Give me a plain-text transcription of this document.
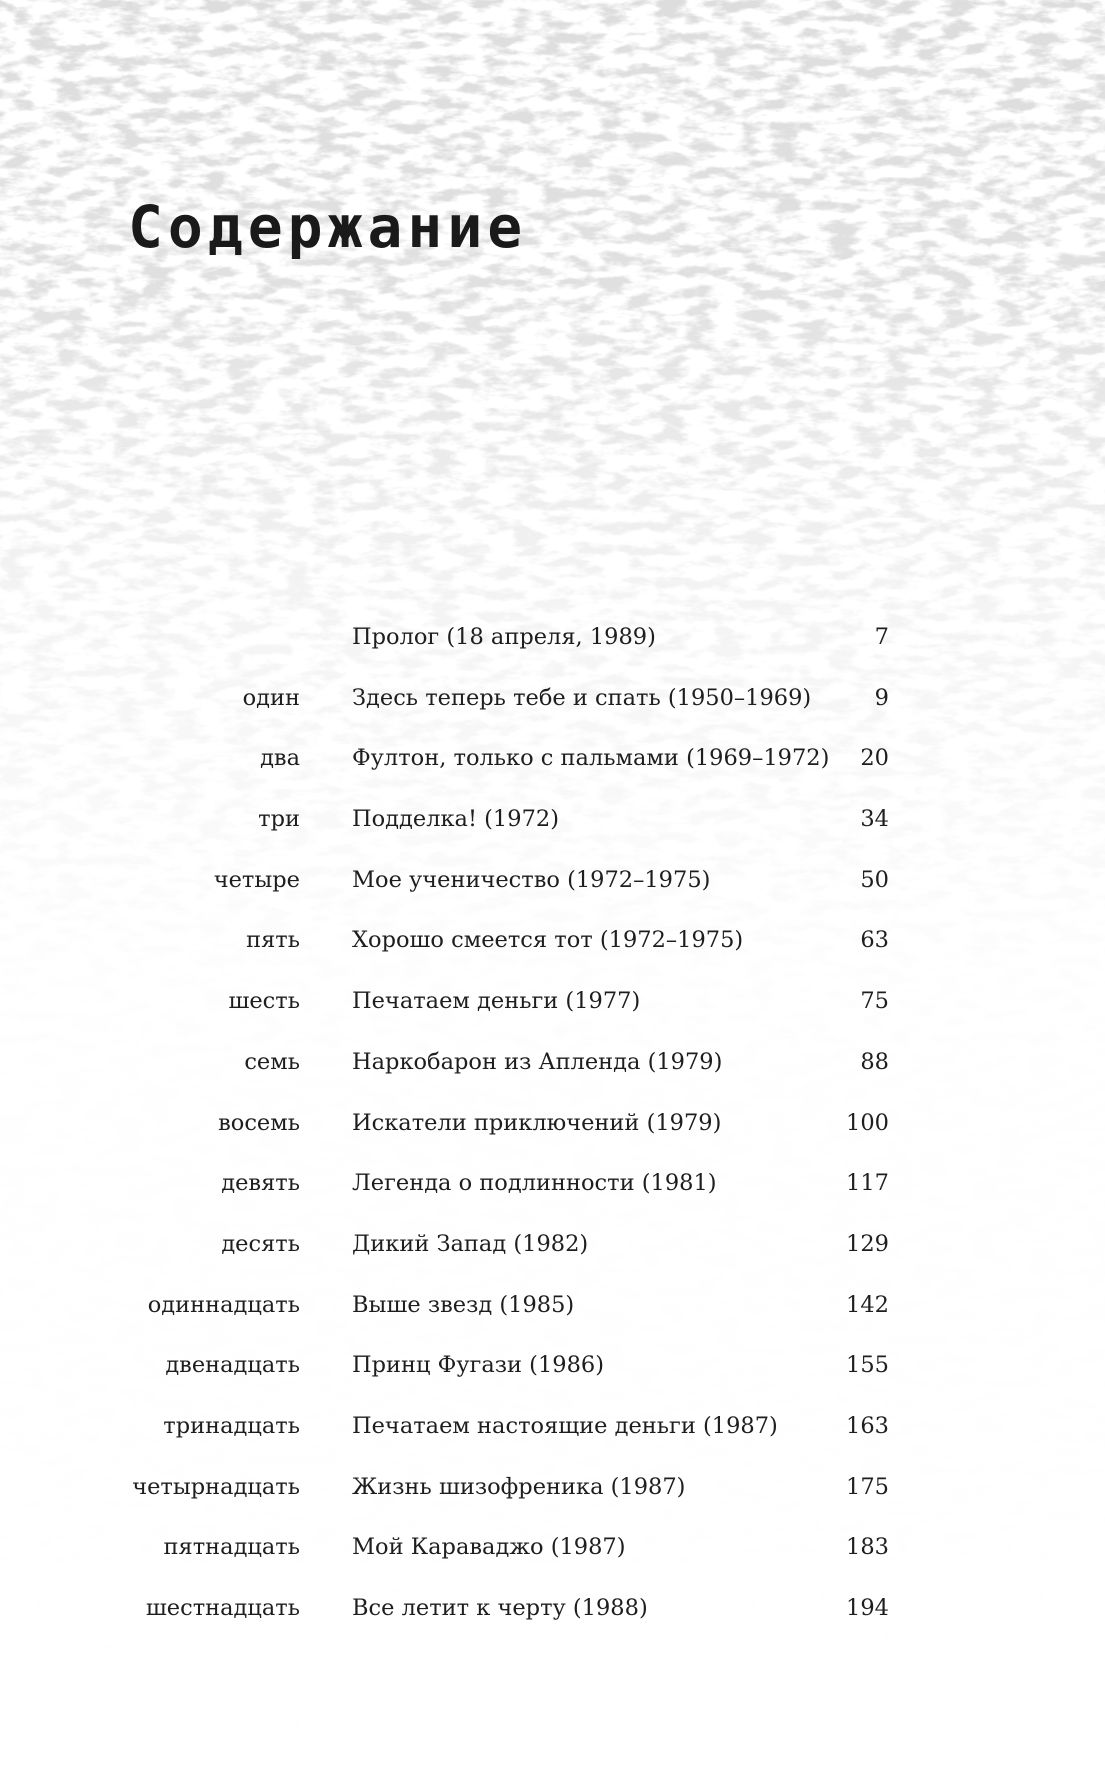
Содержание
Пролог (18 апреля, 1989)	7
один Здесь теперь тебе и спать (1950–1969)	9
два Фултон, только с пальмами (1969–1972) 20
три Подделка! (1972)	34
четыре Мое ученичество (1972–1975)	50
пять Хорошо смеется тот (1972–1975)	63
шесть Печатаем деньги (1977)	75
семь Наркобарон из Апленда (1979)	88
восемь Искатели приключений (1979)	100
девять Легенда о подлинности (1981)	117
десять Дикий Запад (1982)	129
одиннадцать Выше звезд (1985)	142
двенадцать Принц Фугази (1986)	155
тринадцать Печатаем настоящие деньги (1987)	163
четырнадцать Жизнь шизофреника (1987)	175
пятнадцать Мой Караваджо (1987)	183
шестнадцать Все летит к черту (1988)	194
